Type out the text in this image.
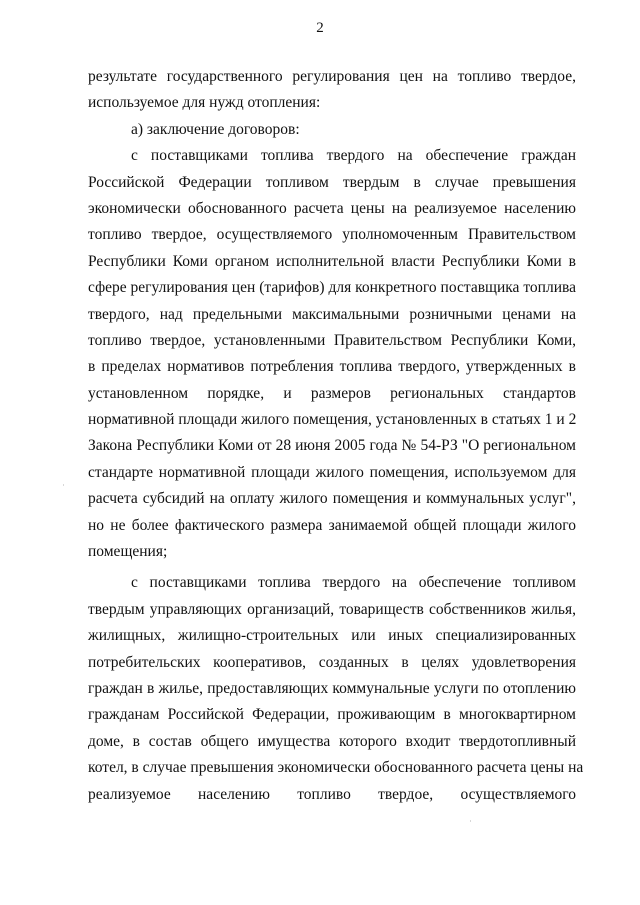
2
результате государственного регулирования цен на топливо твердое,
используемое для нужд отопления:
а) заключение договоров:
с поставщиками топлива твердого на обеспечение граждан
Российской Федерации топливом твердым в случае превышения
экономически обоснованного расчета цены на реализуемое населению
топливо твердое, осуществляемого уполномоченным Правительством
Республики Коми органом исполнительной власти Республики Коми в
сфере регулирования цен (тарифов) для конкретного поставщика топлива
твердого, над предельными максимальными розничными ценами на
топливо твердое, установленными Правительством Республики Коми,
в пределах нормативов потребления топлива твердого, утвержденных в
установленном порядке, и размеров региональных стандартов
нормативной площади жилого помещения, установленных в статьях 1 и 2
Закона Республики Коми от 28 июня 2005 года № 54-РЗ "О региональном
стандарте нормативной площади жилого помещения, используемом для
расчета субсидий на оплату жилого помещения и коммунальных услуг",
но не более фактического размера занимаемой общей площади жилого
помещения;
с поставщиками топлива твердого на обеспечение топливом
твердым управляющих организаций, товариществ собственников жилья,
жилищных, жилищно-строительных или иных специализированных
потребительских кооперативов, созданных в целях удовлетворения
граждан в жилье, предоставляющих коммунальные услуги по отоплению
гражданам Российской Федерации, проживающим в многоквартирном
доме, в состав общего имущества которого входит твердотопливный
котел, в случае превышения экономически обоснованного расчета цены на
реализуемое населению топливо твердое, осуществляемого
